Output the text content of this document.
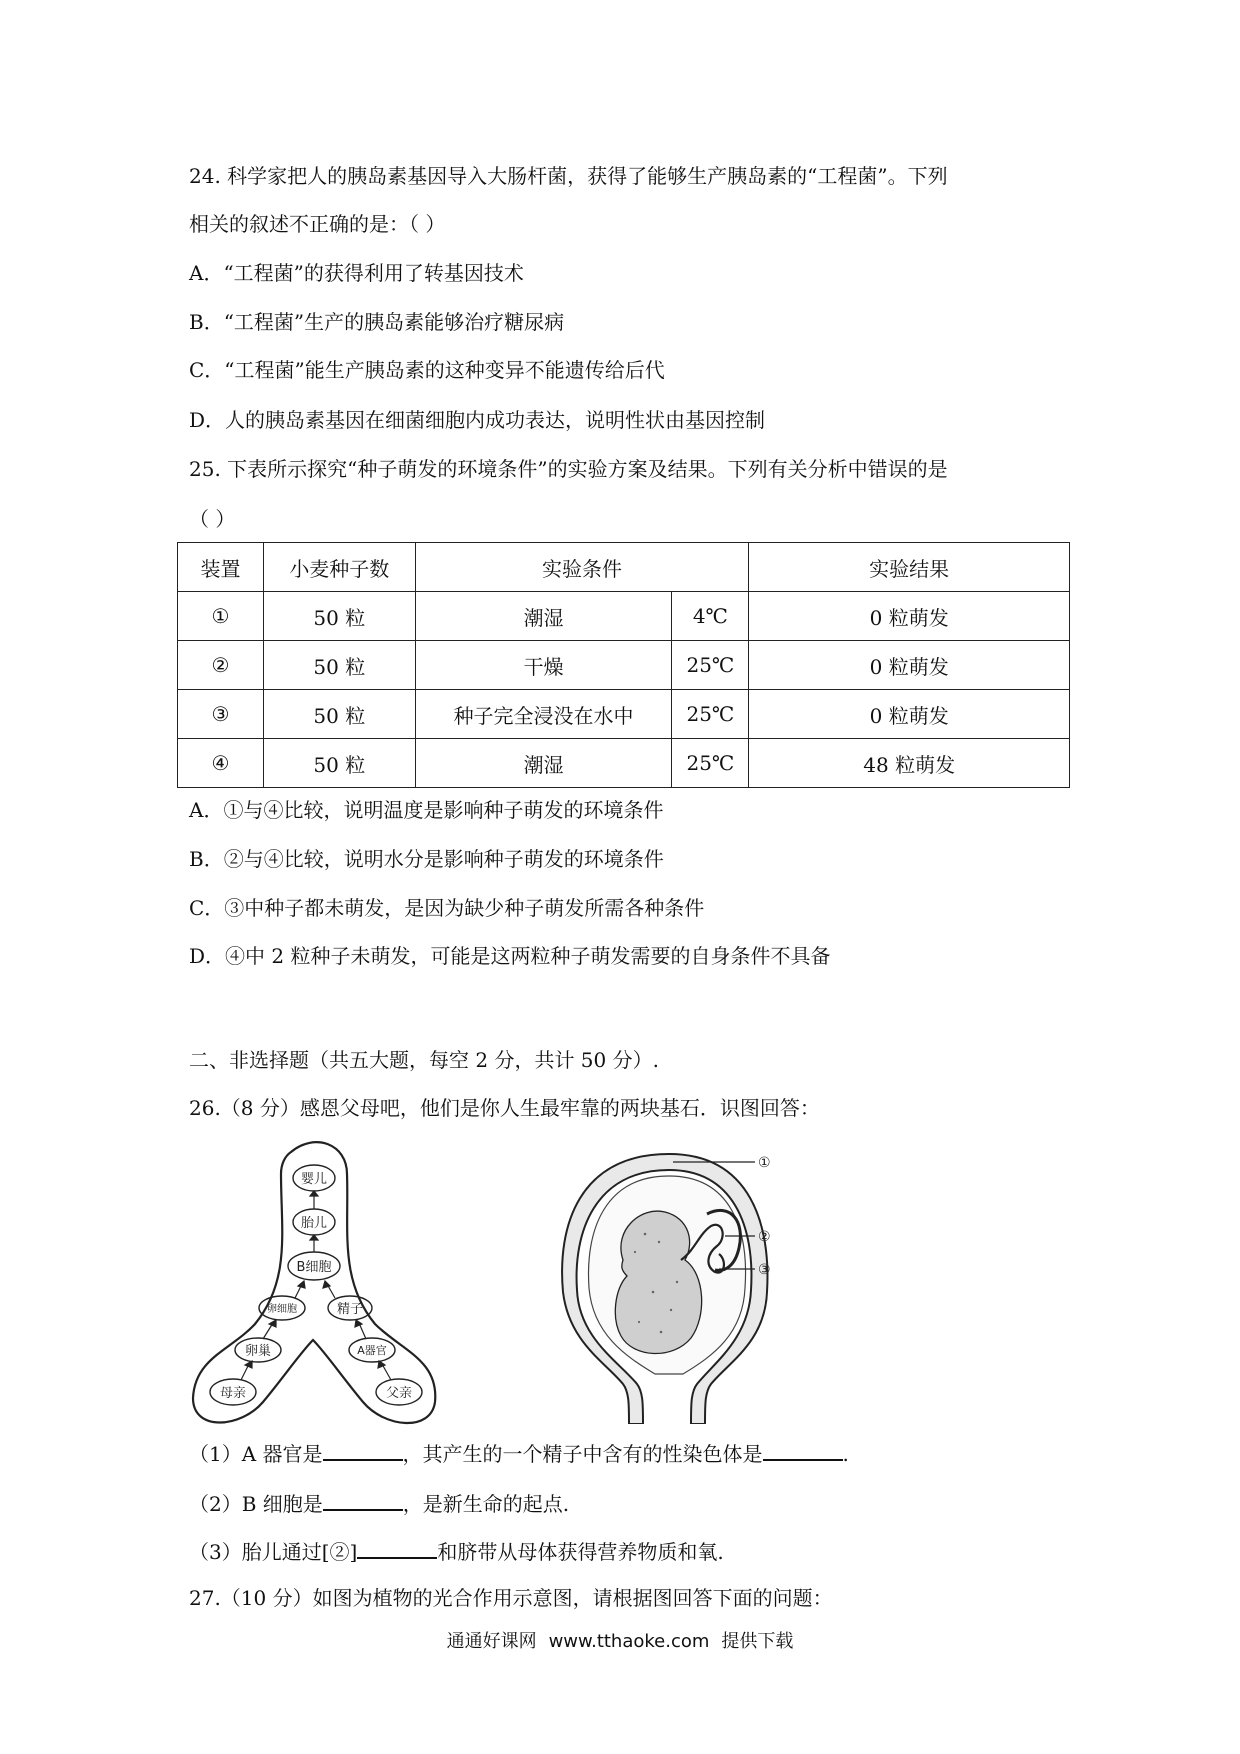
24. 科学家把人的胰岛素基因导入大肠杆菌，获得了能够生产胰岛素的“工程菌”。下列
相关的叙述不正确的是：（ ）
A．“工程菌”的获得利用了转基因技术
B．“工程菌”生产的胰岛素能够治疗糖尿病
C．“工程菌”能生产胰岛素的这种变异不能遗传给后代
D．人的胰岛素基因在细菌细胞内成功表达，说明性状由基因控制
25. 下表所示探究“种子萌发的环境条件”的实验方案及结果。下列有关分析中错误的是
（ ）
装置	小麦种子数	实验条件		实验结果
①	50 粒	潮湿	4℃	0 粒萌发
②	50 粒	干燥	25℃	0 粒萌发
③	50 粒	种子完全浸没在水中	25℃	0 粒萌发
④	50 粒	潮湿	25℃	48 粒萌发
A．①与④比较，说明温度是影响种子萌发的环境条件
B．②与④比较，说明水分是影响种子萌发的环境条件
C．③中种子都未萌发，是因为缺少种子萌发所需各种条件
D．④中 2 粒种子未萌发，可能是这两粒种子萌发需要的自身条件不具备
二、非选择题（共五大题，每空 2 分，共计 50 分）.
26.（8 分）感恩父母吧，他们是你人生最牢靠的两块基石．识图回答：
婴儿
胎儿
B细胞
卵细胞	精子
卵巢	A器官
母亲	父亲
①
②
③
（1）A 器官是	，其产生的一个精子中含有的性染色体是	.
（2）B 细胞是	，是新生命的起点.
（3）胎儿通过[②]	和脐带从母体获得营养物质和氧.
27.（10 分）如图为植物的光合作用示意图，请根据图回答下面的问题：
通通好课网 www.tthaoke.com 提供下载
